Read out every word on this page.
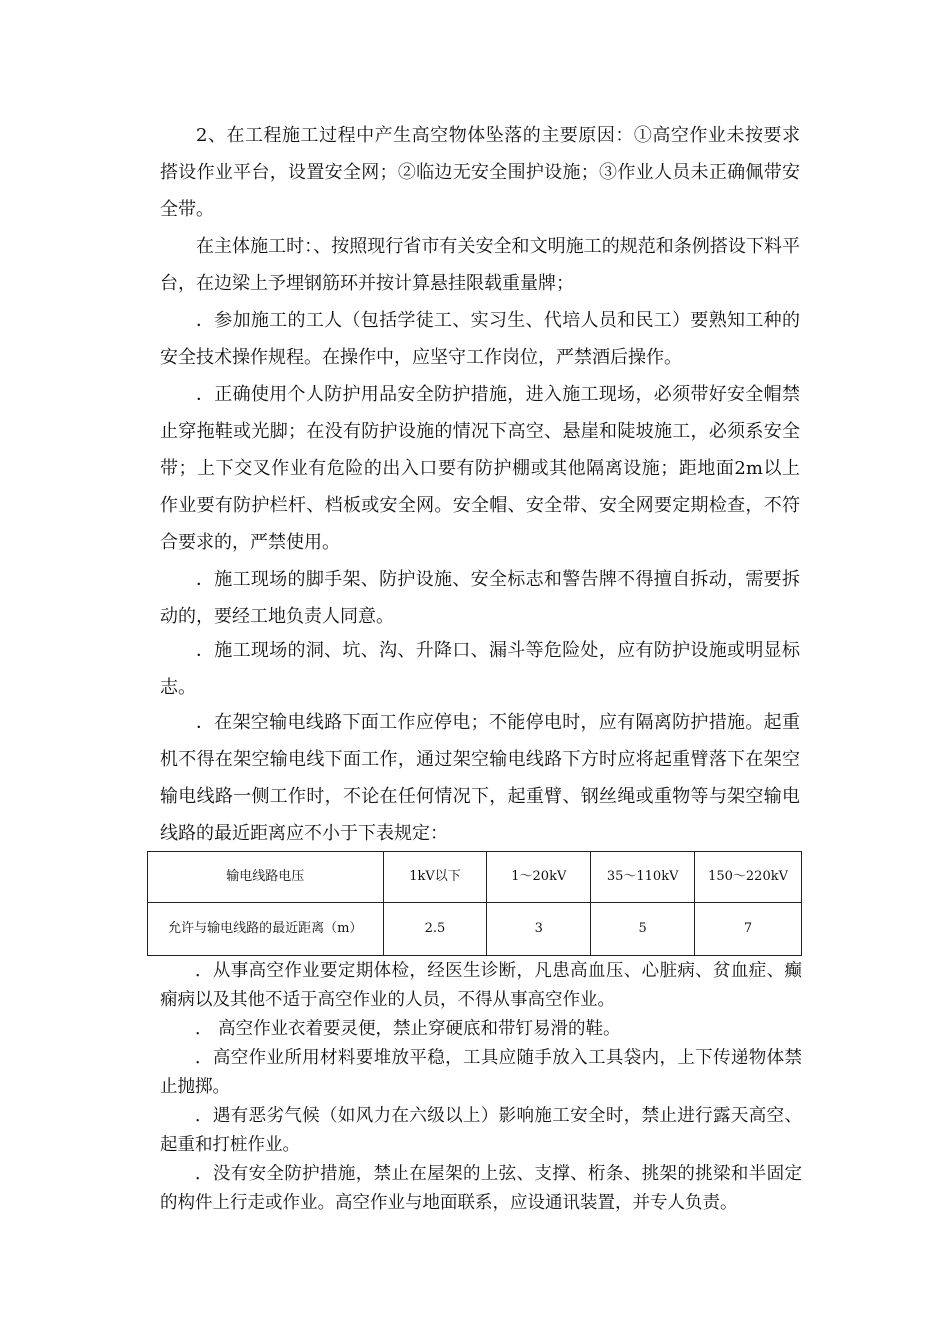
2、在工程施工过程中产生高空物体坠落的主要原因：①高空作业未按要求搭设作业平台，设置安全网；②临边无安全围护设施；③作业人员未正确佩带安全带。

在主体施工时：、按照现行省市有关安全和文明施工的规范和条例搭设下料平台，在边梁上予埋钢筋环并按计算悬挂限载重量牌；

．参加施工的工人（包括学徒工、实习生、代培人员和民工）要熟知工种的安全技术操作规程。在操作中，应坚守工作岗位，严禁酒后操作。

．正确使用个人防护用品安全防护措施，进入施工现场，必须带好安全帽禁止穿拖鞋或光脚；在没有防护设施的情况下高空、悬崖和陡坡施工，必须系安全带；上下交叉作业有危险的出入口要有防护棚或其他隔离设施；距地面2m以上作业要有防护栏杆、档板或安全网。安全帽、安全带、安全网要定期检查，不符合要求的，严禁使用。

．施工现场的脚手架、防护设施、安全标志和警告牌不得擅自拆动，需要拆动的，要经工地负责人同意。

．施工现场的洞、坑、沟、升降口、漏斗等危险处，应有防护设施或明显标志。

．在架空输电线路下面工作应停电；不能停电时，应有隔离防护措施。起重机不得在架空输电线下面工作，通过架空输电线路下方时应将起重臂落下在架空输电线路一侧工作时，不论在任何情况下，起重臂、钢丝绳或重物等与架空输电线路的最近距离应不小于下表规定：

输电线路电压	1kV以下	1～20kV	35～110kV	150～220kV
允许与输电线路的最近距离（m）	2.5	3	5	7

．从事高空作业要定期体检，经医生诊断，凡患高血压、心脏病、贫血症、癫痫病以及其他不适于高空作业的人员，不得从事高空作业。

． 高空作业衣着要灵便，禁止穿硬底和带钉易滑的鞋。

．高空作业所用材料要堆放平稳，工具应随手放入工具袋内，上下传递物体禁止抛掷。

．遇有恶劣气候（如风力在六级以上）影响施工安全时，禁止进行露天高空、起重和打桩作业。

．没有安全防护措施，禁止在屋架的上弦、支撑、桁条、挑架的挑梁和半固定的构件上行走或作业。高空作业与地面联系，应设通讯装置，并专人负责。
